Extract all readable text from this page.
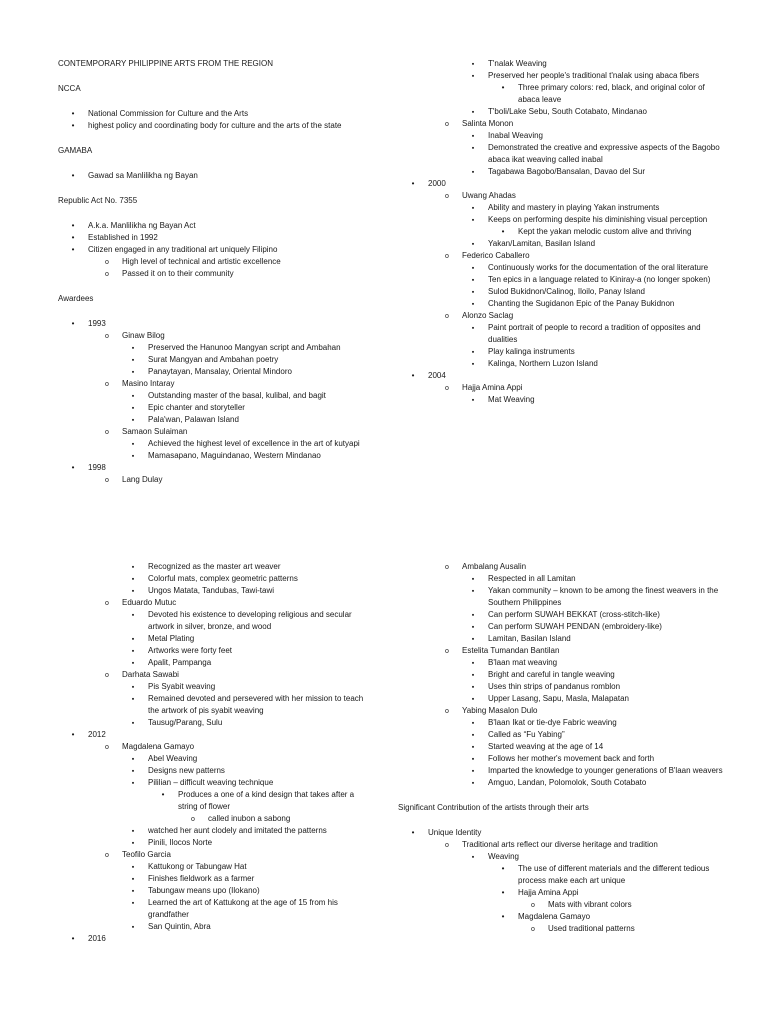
CONTEMPORARY PHILIPPINE ARTS FROM THE REGION
NCCA
•
National Commission for Culture and the Arts
•
highest policy and coordinating body for culture and the arts of the state
GAMABA
•
Gawad sa Manlilikha ng Bayan
Republic Act No. 7355
•
A.k.a. Manlilikha ng Bayan Act
•
Established in 1992
•
Citizen engaged in any traditional art uniquely Filipino
o
High level of technical and artistic excellence
o
Passed it on to their community
Awardees
•
1993
o
Ginaw Bilog
▪
Preserved the Hanunoo Mangyan script and Ambahan
▪
Surat Mangyan and Ambahan poetry
▪
Panaytayan, Mansalay, Oriental Mindoro
o
Masino Intaray
▪
Outstanding master of the basal, kulibal, and bagit
▪
Epic chanter and storyteller
▪
Pala'wan, Palawan Island
o
Samaon Sulaiman
▪
Achieved the highest level of excellence in the art of kutyapi
▪
Mamasapano, Maguindanao, Western Mindanao
•
1998
o
Lang Dulay
▪
T'nalak Weaving
▪
Preserved her people's traditional t'nalak using abaca fibers
•
Three primary colors: red, black, and original color of abaca leave
▪
T'boli/Lake Sebu, South Cotabato, Mindanao
o
Salinta Monon
▪
Inabal Weaving
▪
Demonstrated the creative and expressive aspects of the Bagobo abaca ikat weaving called inabal
▪
Tagabawa Bagobo/Bansalan, Davao del Sur
•
2000
o
Uwang Ahadas
▪
Ability and mastery in playing Yakan instruments
▪
Keeps on performing despite his diminishing visual perception
•
Kept the yakan melodic custom alive and thriving
▪
Yakan/Lamitan, Basilan Island
o
Federico Caballero
▪
Continuously works for the documentation of the oral literature
▪
Ten epics in a language related to Kiniray-a (no longer spoken)
▪
Sulod Bukidnon/Calinog, Iloilo, Panay Island
▪
Chanting the Sugidanon Epic of the Panay Bukidnon
o
Alonzo Saclag
▪
Paint portrait of people to record a tradition of opposites and dualities
▪
Play kalinga instruments
▪
Kalinga, Northern Luzon Island
•
2004
o
Hajja Amina Appi
▪
Mat Weaving
▪
Recognized as the master art weaver
▪
Colorful mats, complex geometric patterns
▪
Ungos Matata, Tandubas, Tawi-tawi
o
Eduardo Mutuc
▪
Devoted his existence to developing religious and secular artwork in silver, bronze, and wood
▪
Metal Plating
▪
Artworks were forty feet
▪
Apalit, Pampanga
o
Darhata Sawabi
▪
Pis Syabit weaving
▪
Remained devoted and persevered with her mission to teach the artwork of pis syabit weaving
▪
Tausug/Parang, Sulu
•
2012
o
Magdalena Gamayo
▪
Abel Weaving
▪
Designs new patterns
▪
Pililian – difficult weaving technique
•
Produces a one of a kind design that takes after a string of flower
o
called inubon a sabong
▪
watched her aunt clodely and imitated the patterns
▪
Pinili, Ilocos Norte
o
Teofilo Garcia
▪
Kattukong or Tabungaw Hat
▪
Finishes fieldwork as a farmer
▪
Tabungaw means upo (Ilokano)
▪
Learned the art of Kattukong at the age of 15 from his grandfather
▪
San Quintin, Abra
•
2016
o
Ambalang Ausalin
▪
Respected in all Lamitan
▪
Yakan community – known to be among the finest weavers in the Southern Philippines
▪
Can perform SUWAH BEKKAT (cross-stitch-like)
▪
Can perform SUWAH PENDAN (embroidery-like)
▪
Lamitan, Basilan Island
o
Estelita Tumandan Bantilan
▪
B'laan mat weaving
▪
Bright and careful in tangle weaving
▪
Uses thin strips of pandanus romblon
▪
Upper Lasang, Sapu, Masla, Malapatan
o
Yabing Masalon Dulo
▪
B'laan Ikat or tie-dye Fabric weaving
▪
Called as “Fu Yabing”
▪
Started weaving at the age of 14
▪
Follows her mother's movement back and forth
▪
Imparted the knowledge to younger generations of B'laan weavers
▪
Amguo, Landan, Polomolok, South Cotabato
Significant Contribution of the artists through their arts
•
Unique Identity
o
Traditional arts reflect our diverse heritage and tradition
▪
Weaving
•
The use of different materials and the different tedious process make each art unique
•
Hajja Amina Appi
o
Mats with vibrant colors
•
Magdalena Gamayo
o
Used traditional patterns
